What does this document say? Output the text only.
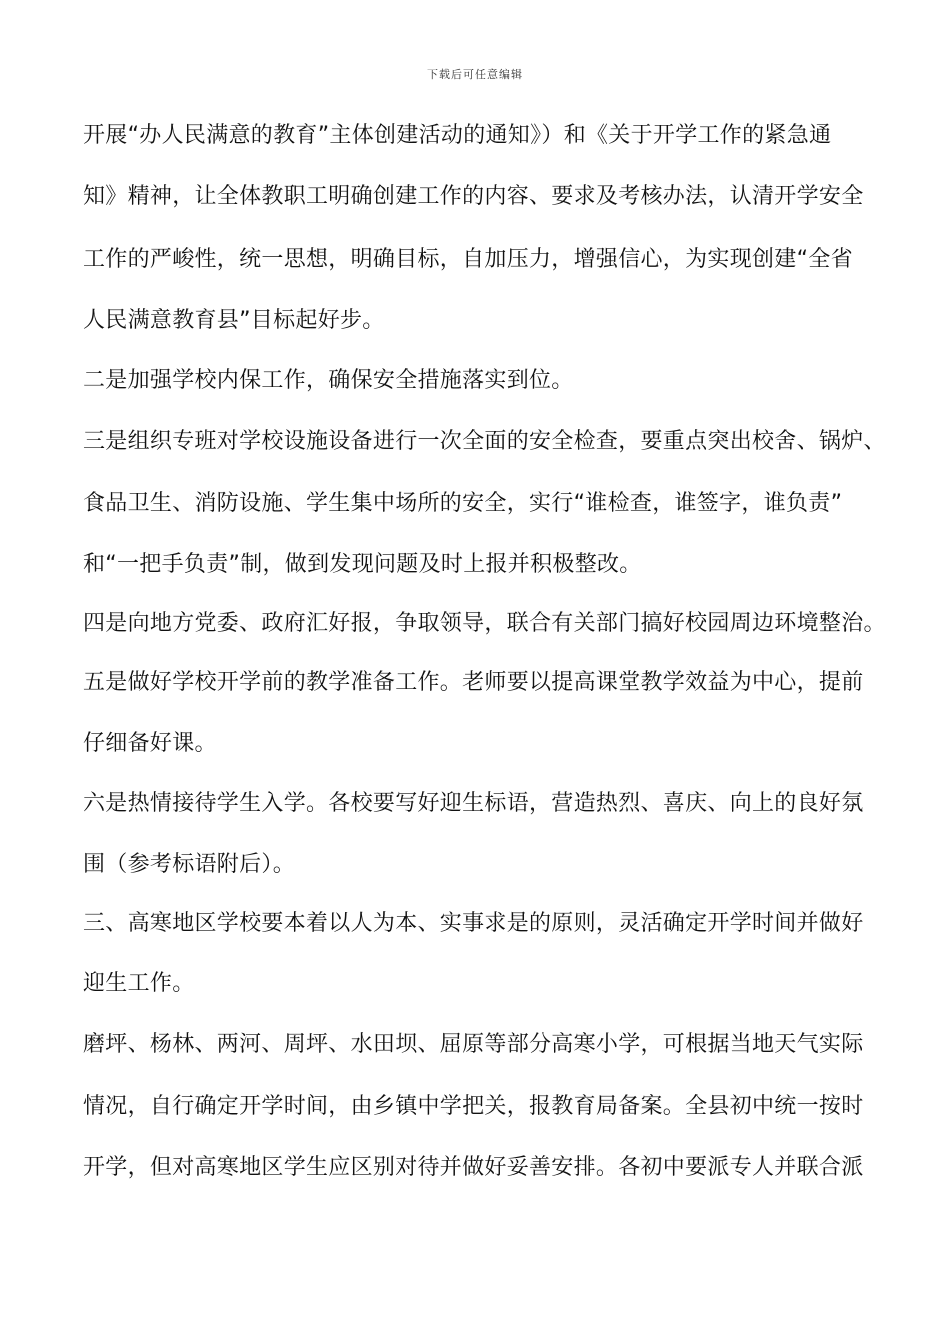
下载后可任意编辑
开展“办人民满意的教育”主体创建活动的通知》）和《关于开学工作的紧急通
知》精神，让全体教职工明确创建工作的内容、要求及考核办法，认清开学安全
工作的严峻性，统一思想，明确目标，自加压力，增强信心，为实现创建“全省
人民满意教育县”目标起好步。
二是加强学校内保工作，确保安全措施落实到位。
三是组织专班对学校设施设备进行一次全面的安全检查，要重点突出校舍、锅炉、
食品卫生、消防设施、学生集中场所的安全，实行“谁检查，谁签字，谁负责”
和“一把手负责”制，做到发现问题及时上报并积极整改。
四是向地方党委、政府汇好报，争取领导，联合有关部门搞好校园周边环境整治。
五是做好学校开学前的教学准备工作。老师要以提高课堂教学效益为中心，提前
仔细备好课。
六是热情接待学生入学。各校要写好迎生标语，营造热烈、喜庆、向上的良好氛
围（参考标语附后）。
三、高寒地区学校要本着以人为本、实事求是的原则，灵活确定开学时间并做好
迎生工作。
磨坪、杨林、两河、周坪、水田坝、屈原等部分高寒小学，可根据当地天气实际
情况，自行确定开学时间，由乡镇中学把关，报教育局备案。全县初中统一按时
开学，但对高寒地区学生应区别对待并做好妥善安排。各初中要派专人并联合派
